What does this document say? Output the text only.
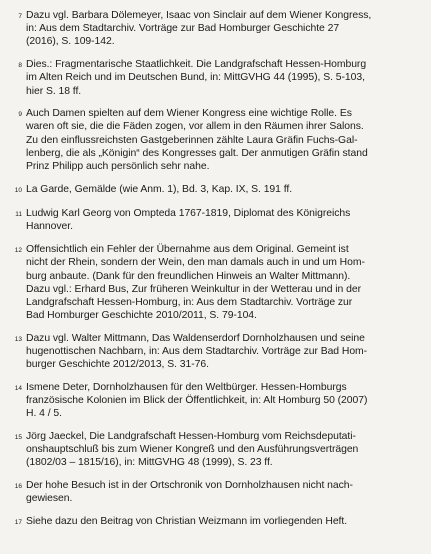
7 Dazu vgl. Barbara Dölemeyer, Isaac von Sinclair auf dem Wiener Kongress,
in: Aus dem Stadtarchiv. Vorträge zur Bad Homburger Geschichte 27
(2016), S. 109-142.
8 Dies.: Fragmentarische Staatlichkeit. Die Landgrafschaft Hessen-Homburg
im Alten Reich und im Deutschen Bund, in: MittGVHG 44 (1995), S. 5-103,
hier S. 18 ff.
9 Auch Damen spielten auf dem Wiener Kongress eine wichtige Rolle. Es
waren oft sie, die die Fäden zogen, vor allem in den Räumen ihrer Salons.
Zu den einflussreichsten Gastgeberinnen zählte Laura Gräfin Fuchs-Gal-
lenberg, die als „Königin“ des Kongresses galt. Der anmutigen Gräfin stand
Prinz Philipp auch persönlich sehr nahe.
10 La Garde, Gemälde (wie Anm. 1), Bd. 3, Kap. IX, S. 191 ff.
11 Ludwig Karl Georg von Ompteda 1767-1819, Diplomat des Königreichs
Hannover.
12 Offensichtlich ein Fehler der Übernahme aus dem Original. Gemeint ist
nicht der Rhein, sondern der Wein, den man damals auch in und um Hom-
burg anbaute. (Dank für den freundlichen Hinweis an Walter Mittmann).
Dazu vgl.: Erhard Bus, Zur früheren Weinkultur in der Wetterau und in der
Landgrafschaft Hessen-Homburg, in: Aus dem Stadtarchiv. Vorträge zur
Bad Homburger Geschichte 2010/2011, S. 79-104.
13 Dazu vgl. Walter Mittmann, Das Waldenserdorf Dornholzhausen und seine
hugenottischen Nachbarn, in: Aus dem Stadtarchiv. Vorträge zur Bad Hom-
burger Geschichte 2012/2013, S. 31-76.
14 Ismene Deter, Dornholzhausen für den Weltbürger. Hessen-Homburgs
französische Kolonien im Blick der Öffentlichkeit, in: Alt Homburg 50 (2007)
H. 4 / 5.
15 Jörg Jaeckel, Die Landgrafschaft Hessen-Homburg vom Reichsdeputati-
onshauptschluß bis zum Wiener Kongreß und den Ausführungsverträgen
(1802/03 – 1815/16), in: MittGVHG 48 (1999), S. 23 ff.
16 Der hohe Besuch ist in der Ortschronik von Dornholzhausen nicht nach-
gewiesen.
17 Siehe dazu den Beitrag von Christian Weizmann im vorliegenden Heft.
